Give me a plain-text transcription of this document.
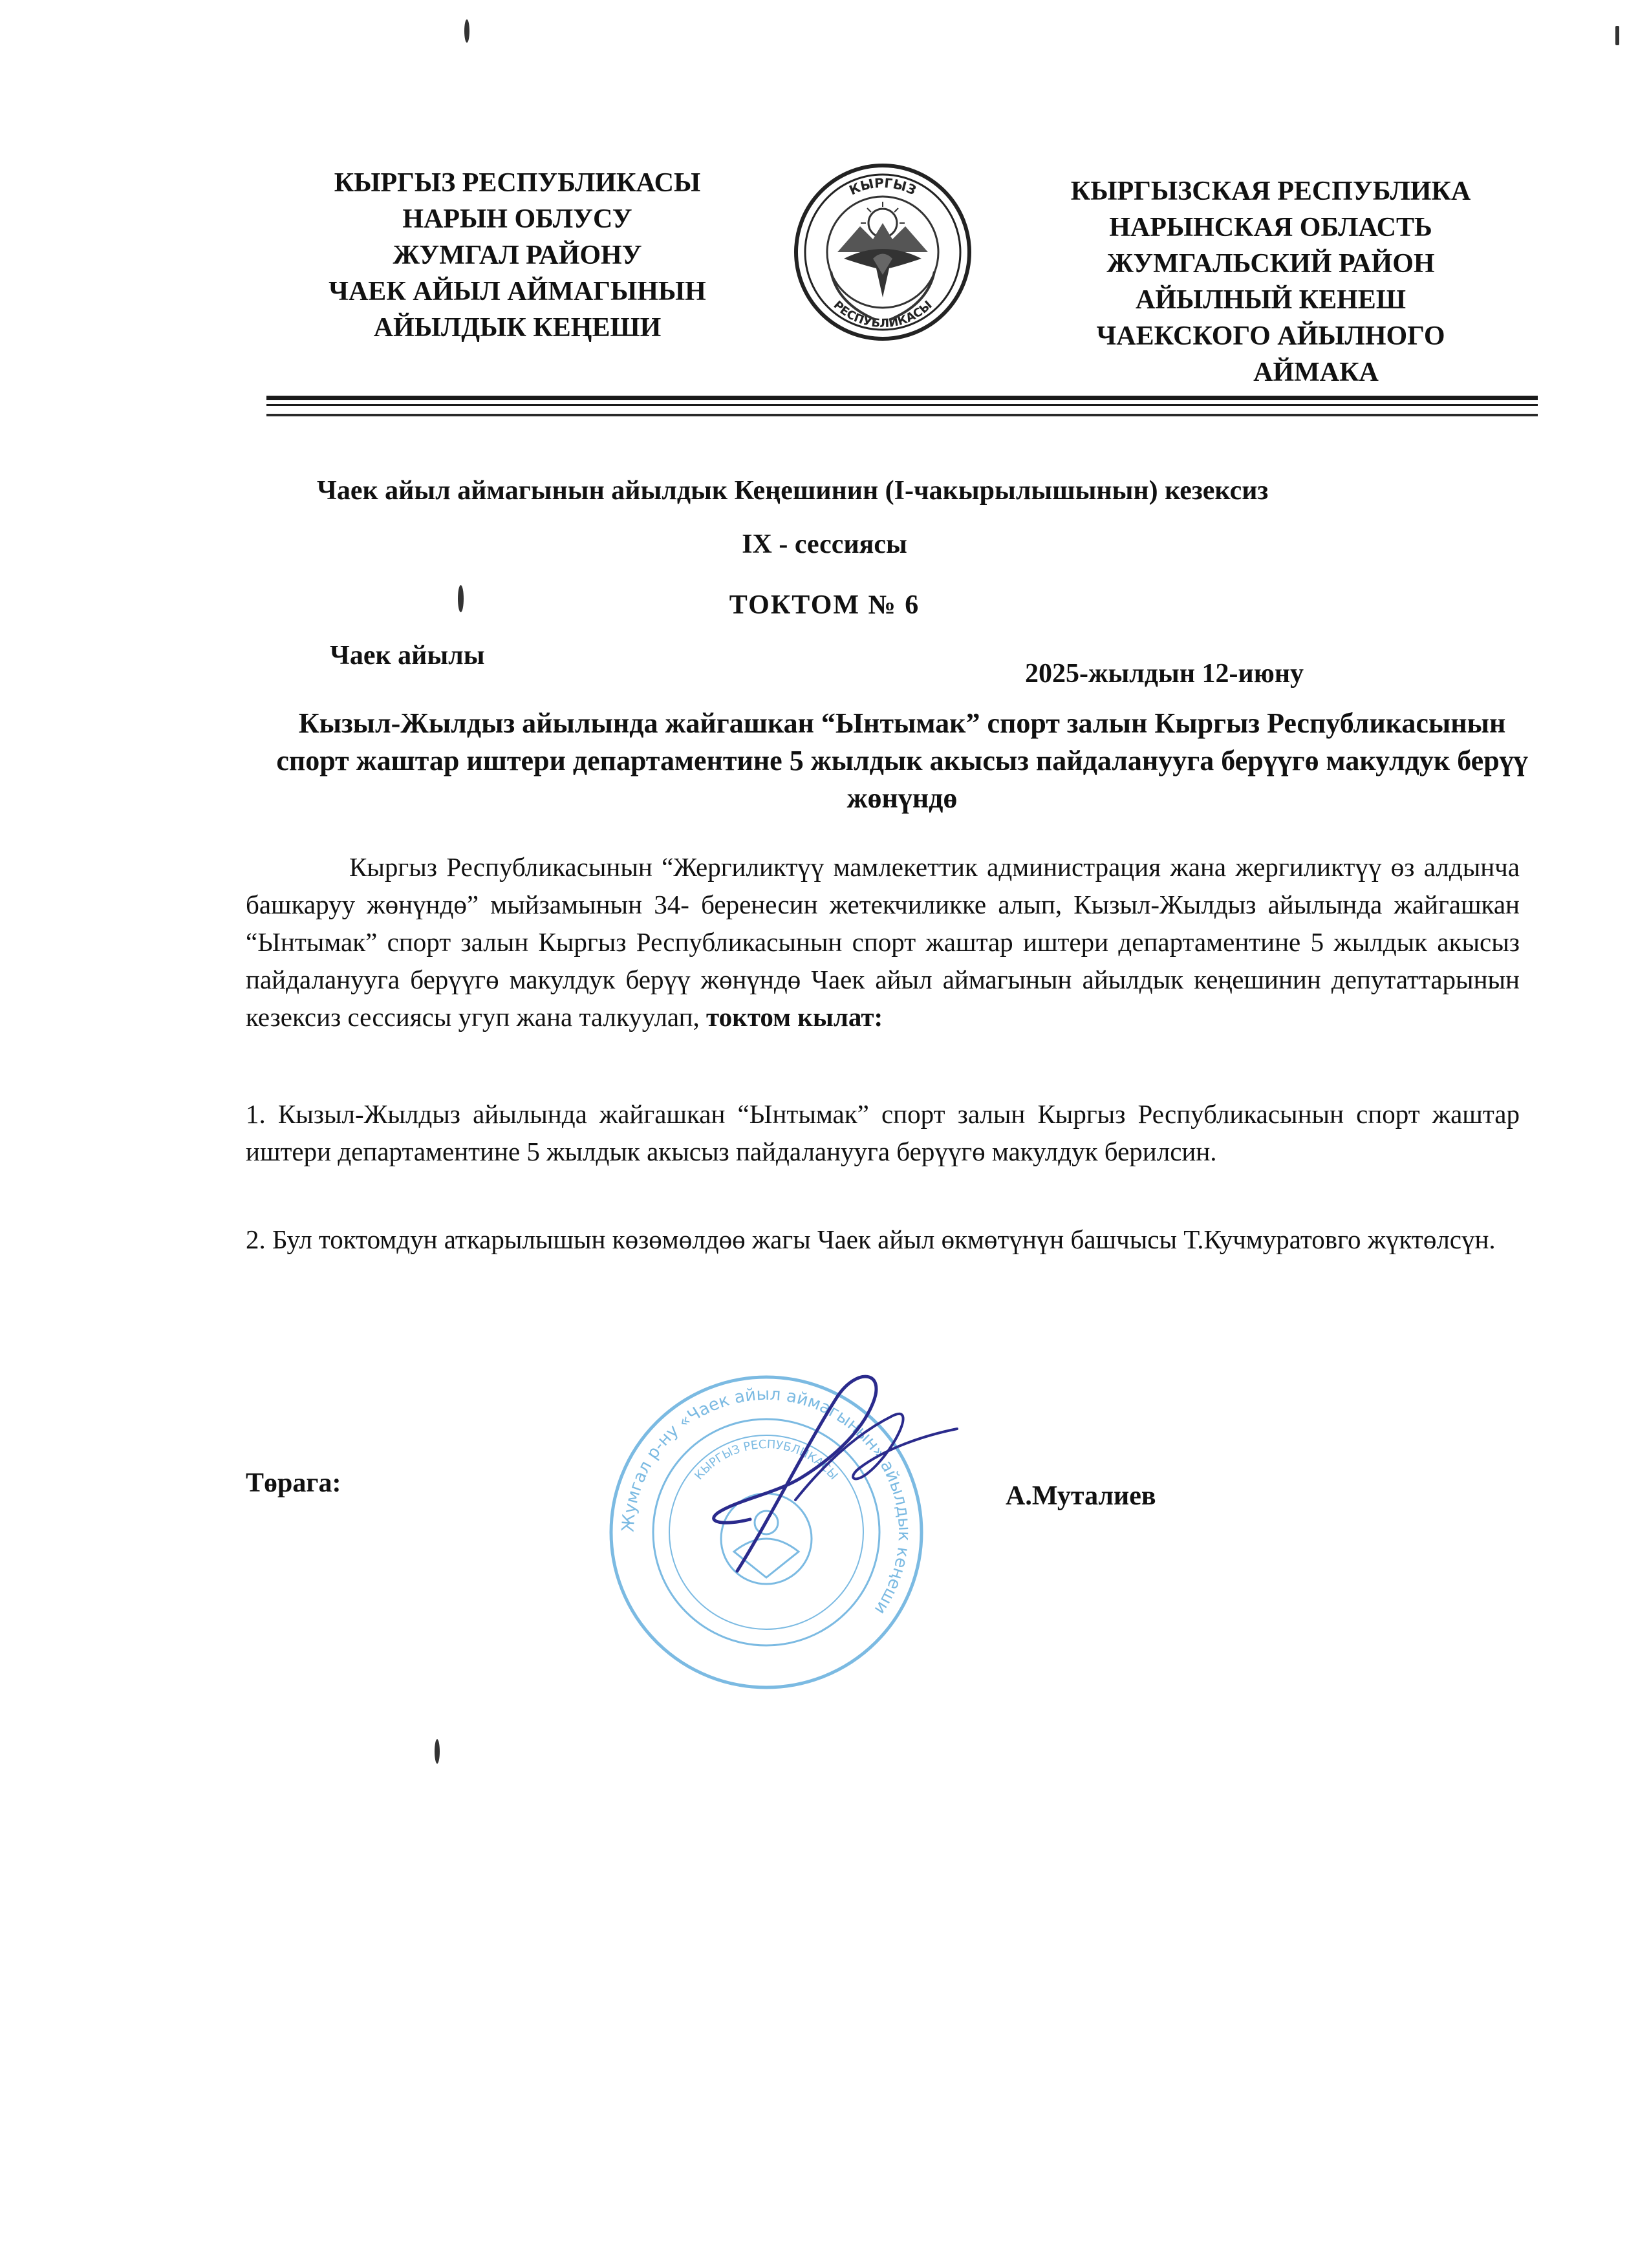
КЫРГЫЗ РЕСПУБЛИКАСЫ
НАРЫН ОБЛУСУ
ЖУМГАЛ РАЙОНУ
ЧАЕК АЙЫЛ АЙМАГЫНЫН
АЙЫЛДЫК КЕҢЕШИ
КЫРГЫЗ
РЕСПУБЛИКАСЫ
КЫРГЫЗСКАЯ РЕСПУБЛИКА
НАРЫНСКАЯ ОБЛАСТЬ
ЖУМГАЛЬСКИЙ РАЙОН
АЙЫЛНЫЙ КЕНЕШ
ЧАЕКСКОГО АЙЫЛНОГО
АЙМАКА
Чаек айыл аймагынын айылдык Кеңешинин (I-чакырылышынын) кезексиз
IX - сессиясы
ТОКТОМ № 6
Чаек айылы
2025-жылдын 12-июну
Кызыл-Жылдыз айылында жайгашкан “Ынтымак” спорт залын Кыргыз Республикасынын спорт жаштар иштери департаментине 5 жылдык акысыз пайдаланууга берүүгө макулдук берүү жөнүндө
Кыргыз Республикасынын “Жергиликтүү мамлекеттик администрация жана жергиликтүү өз алдынча башкаруу жөнүндө” мыйзамынын 34- беренесин жетекчиликке алып, Кызыл-Жылдыз айылында жайгашкан “Ынтымак” спорт залын Кыргыз Республикасынын спорт жаштар иштери департаментине 5 жылдык акысыз пайдаланууга берүүгө макулдук берүү жөнүндө Чаек айыл аймагынын айылдык кеңешинин депутаттарынын кезексиз сессиясы угуп жана талкуулап, токтом кылат:
1. Кызыл-Жылдыз айылында жайгашкан “Ынтымак” спорт залын Кыргыз Республикасынын спорт жаштар иштери департаментине 5 жылдык акысыз пайдаланууга берүүгө макулдук берилсин.
2. Бул токтомдун аткарылышын көзөмөлдөө жагы Чаек айыл өкмөтүнүн башчысы Т.Кучмуратовго жүктөлсүн.
Жумгал р-ну «Чаек айыл аймагынын» айылдык кеңеши
КЫРГЫЗ РЕСПУБЛИКАСЫ
Төрага:	А.Муталиев
